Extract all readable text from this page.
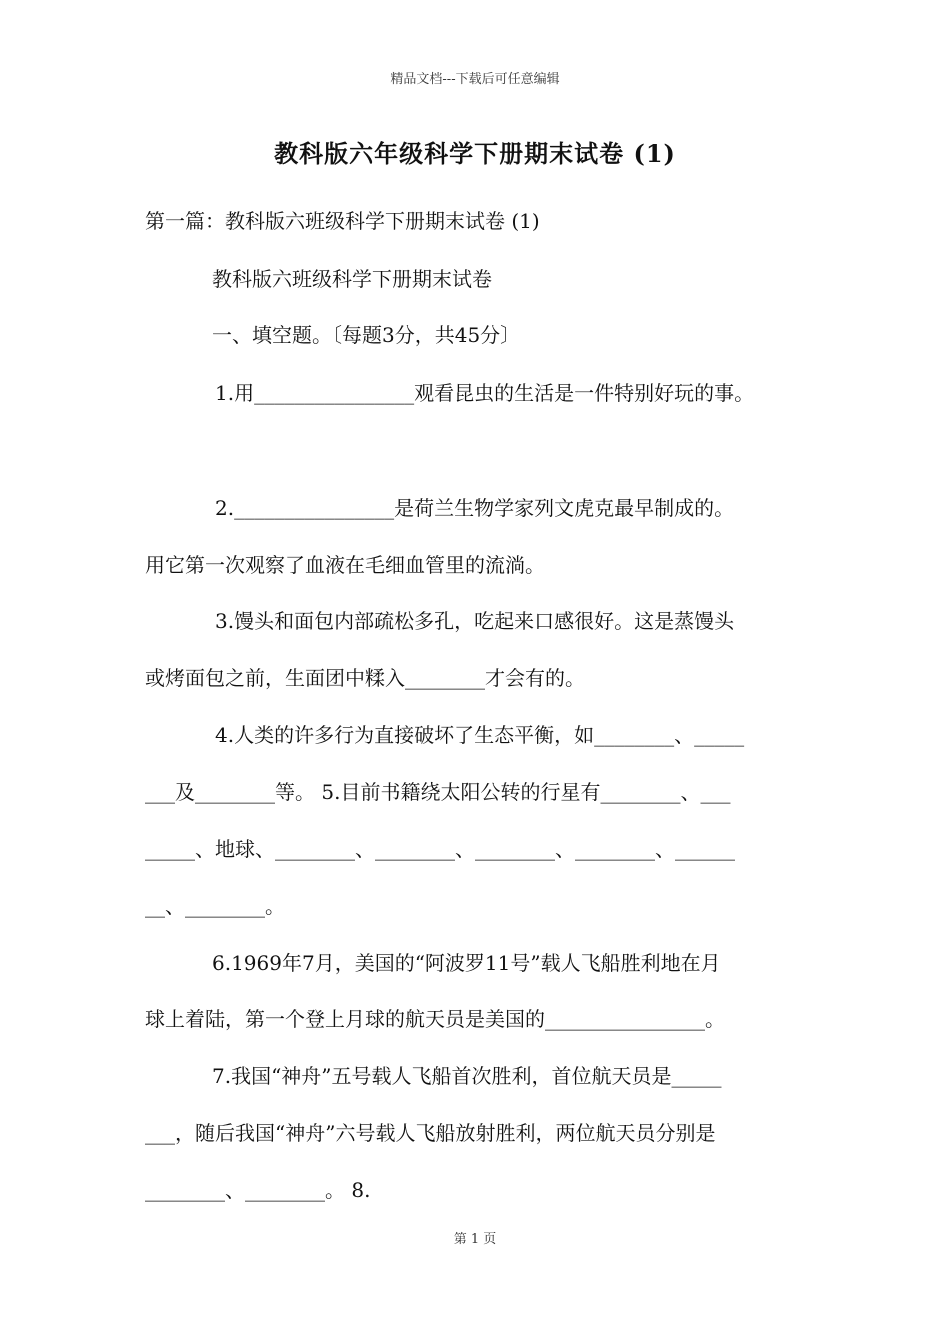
精品文档---下载后可任意编辑
教科版六年级科学下册期末试卷 (1)
第一篇：教科版六班级科学下册期末试卷 (1)
教科版六班级科学下册期末试卷
一、填空题。〔每题3分，共45分〕
1.用________________观看昆虫的生活是一件特别好玩的事。
2.________________是荷兰生物学家列文虎克最早制成的。
用它第一次观察了血液在毛细血管里的流淌。
3.馒头和面包内部疏松多孔，吃起来口感很好。这是蒸馒头
或烤面包之前，生面团中糅入________才会有的。
4.人类的许多行为直接破坏了生态平衡，如________、_____
___及________等。 5.目前书籍绕太阳公转的行星有________、___
_____、地球、________、________、________、________、______
__、________。
6.1969年7月，美国的“阿波罗11号”载人飞船胜利地在月
球上着陆，第一个登上月球的航天员是美国的________________。
7.我国“神舟”五号载人飞船首次胜利，首位航天员是_____
___，随后我国“神舟”六号载人飞船放射胜利，两位航天员分别是
________、________。 8.
第 1 页
